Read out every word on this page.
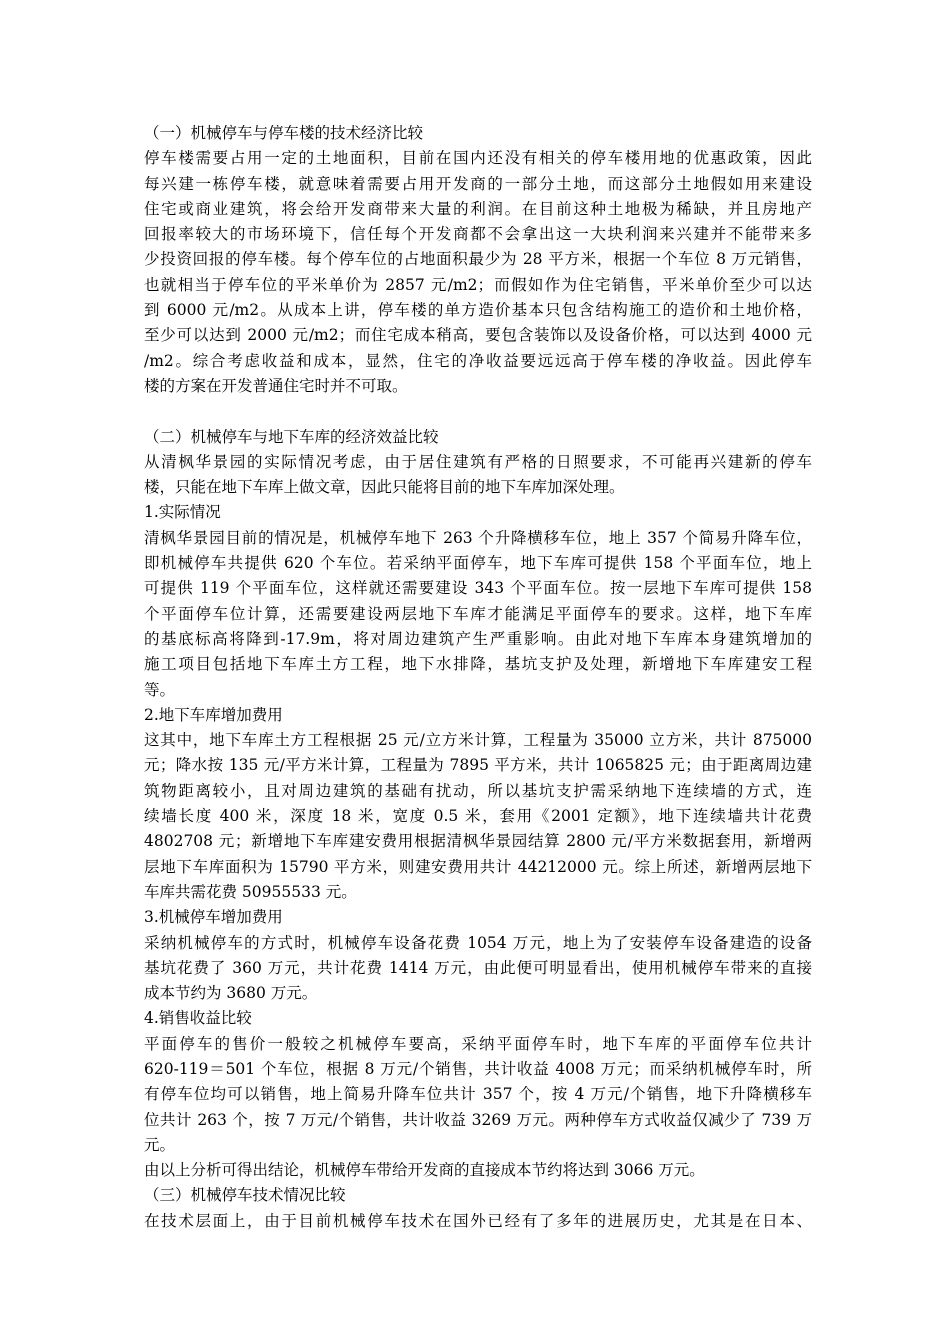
（一）机械停车与停车楼的技术经济比较
停车楼需要占用一定的土地面积，目前在国内还没有相关的停车楼用地的优惠政策，因此
每兴建一栋停车楼，就意味着需要占用开发商的一部分土地，而这部分土地假如用来建设
住宅或商业建筑，将会给开发商带来大量的利润。在目前这种土地极为稀缺，并且房地产
回报率较大的市场环境下，信任每个开发商都不会拿出这一大块利润来兴建并不能带来多
少投资回报的停车楼。每个停车位的占地面积最少为 28 平方米，根据一个车位 8 万元销售，
也就相当于停车位的平米单价为 2857 元/m2；而假如作为住宅销售，平米单价至少可以达
到 6000 元/m2。从成本上讲，停车楼的单方造价基本只包含结构施工的造价和土地价格，
至少可以达到 2000 元/m2；而住宅成本稍高，要包含装饰以及设备价格，可以达到 4000 元
/m2。综合考虑收益和成本，显然，住宅的净收益要远远高于停车楼的净收益。因此停车
楼的方案在开发普通住宅时并不可取。
（二）机械停车与地下车库的经济效益比较
从清枫华景园的实际情况考虑，由于居住建筑有严格的日照要求，不可能再兴建新的停车
楼，只能在地下车库上做文章，因此只能将目前的地下车库加深处理。
1.实际情况
清枫华景园目前的情况是，机械停车地下 263 个升降横移车位，地上 357 个简易升降车位，
即机械停车共提供 620 个车位。若采纳平面停车，地下车库可提供 158 个平面车位，地上
可提供 119 个平面车位，这样就还需要建设 343 个平面车位。按一层地下车库可提供 158
个平面停车位计算，还需要建设两层地下车库才能满足平面停车的要求。这样，地下车库
的基底标高将降到-17.9m，将对周边建筑产生严重影响。由此对地下车库本身建筑增加的
施工项目包括地下车库土方工程，地下水排降，基坑支护及处理，新增地下车库建安工程
等。
2.地下车库增加费用
这其中，地下车库土方工程根据 25 元/立方米计算，工程量为 35000 立方米，共计 875000
元；降水按 135 元/平方米计算，工程量为 7895 平方米，共计 1065825 元；由于距离周边建
筑物距离较小，且对周边建筑的基础有扰动，所以基坑支护需采纳地下连续墙的方式，连
续墙长度 400 米，深度 18 米，宽度 0.5 米，套用《2001 定额》，地下连续墙共计花费
4802708 元；新增地下车库建安费用根据清枫华景园结算 2800 元/平方米数据套用，新增两
层地下车库面积为 15790 平方米，则建安费用共计 44212000 元。综上所述，新增两层地下
车库共需花费 50955533 元。
3.机械停车增加费用
采纳机械停车的方式时，机械停车设备花费 1054 万元，地上为了安装停车设备建造的设备
基坑花费了 360 万元，共计花费 1414 万元，由此便可明显看出，使用机械停车带来的直接
成本节约为 3680 万元。
4.销售收益比较
平面停车的售价一般较之机械停车要高，采纳平面停车时，地下车库的平面停车位共计
620-119＝501 个车位，根据 8 万元/个销售，共计收益 4008 万元；而采纳机械停车时，所
有停车位均可以销售，地上简易升降车位共计 357 个，按 4 万元/个销售，地下升降横移车
位共计 263 个，按 7 万元/个销售，共计收益 3269 万元。两种停车方式收益仅减少了 739 万
元。
由以上分析可得出结论，机械停车带给开发商的直接成本节约将达到 3066 万元。
（三）机械停车技术情况比较
在技术层面上，由于目前机械停车技术在国外已经有了多年的进展历史，尤其是在日本、
